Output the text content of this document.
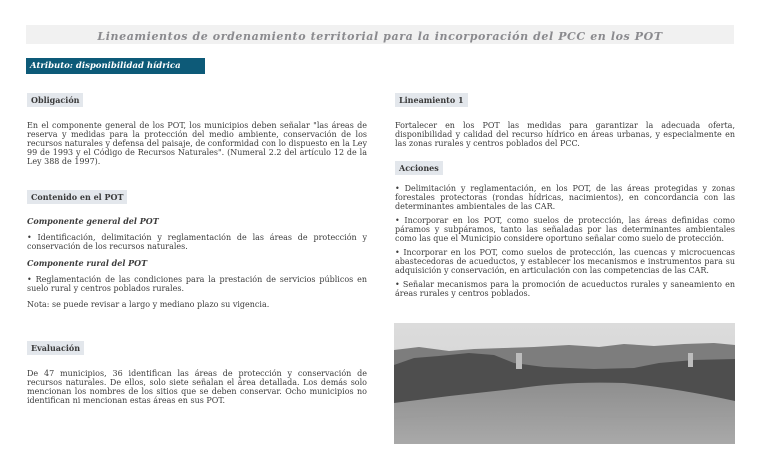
Lineamientos de ordenamiento territorial para la incorporación del PCC en los POT
Atributo: disponibilidad hídrica
Obligación

En el componente general de los POT, los municipios deben señalar "las áreas de reserva y medidas para la protección del medio ambiente, conservación de los recursos naturales y defensa del paisaje, de conformidad con lo dispuesto en la Ley 99 de 1993 y el Código de Recursos Naturales". (Numeral 2.2 del artículo 12 de la Ley 388 de 1997).

Contenido en el POT
Componente general del POT

• Identificación, delimitación y reglamentación de las áreas de protección y conservación de los recursos naturales.

Componente rural del POT

• Reglamentación de las condiciones para la prestación de servicios públicos en suelo rural y centros poblados rurales.

Nota: se puede revisar a largo y mediano plazo su vigencia.

Evaluación

De 47 municipios, 36 identifican las áreas de protección y conservación de recursos naturales. De ellos, solo siete señalan el área detallada. Los demás solo mencionan los nombres de los sitios que se deben conservar. Ocho municipios no identifican ni mencionan estas áreas en sus POT.

Lineamiento 1

Fortalecer en los POT las medidas para garantizar la adecuada oferta, disponibilidad y calidad del recurso hídrico en áreas urbanas, y especialmente en las zonas rurales y centros poblados del PCC.

Acciones

• Delimitación y reglamentación, en los POT, de las áreas protegidas y zonas forestales protectoras (rondas hídricas, nacimientos), en concordancia con las determinantes ambientales de las CAR.

• Incorporar en los POT, como suelos de protección, las áreas definidas como páramos y subpáramos, tanto las señaladas por las determinantes ambientales como las que el Municipio considere oportuno señalar como suelo de protección.

• Incorporar en los POT, como suelos de protección, las cuencas y microcuencas abastecedoras de acueductos, y establecer los mecanismos e instrumentos para su adquisición y conservación, en articulación con las competencias de las CAR.

• Señalar mecanismos para la promoción de acueductos rurales y saneamiento en áreas rurales y centros poblados.
